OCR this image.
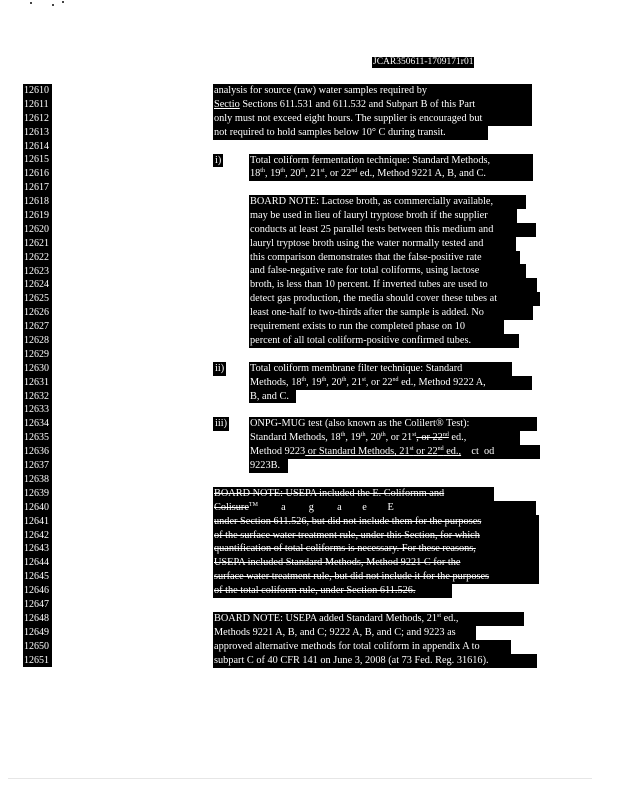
JCAR350611-1709171r01
12610
12611
12612
12613
12614
12615
12616
12617
12618
12619
12620
12621
12622
12623
12624
12625
12626
12627
12628
12629
12630
12631
12632
12633
12634
12635
12636
12637
12638
12639
12640
12641
12642
12643
12644
12645
12646
12647
12648
12649
12650
12651
analysis for source (raw) water samples required by
Sectio Sections 611.531 and 611.532 and Subpart B of this Part
only must not exceed eight hours. The supplier is encouraged but
not required to hold samples below 10° C during transit.
i)	Total coliform fermentation technique: Standard Methods,
18th, 19th, 20th, 21st, or 22nd ed., Method 9221 A, B, and C.
BOARD NOTE: Lactose broth, as commercially available,
may be used in lieu of lauryl tryptose broth if the supplier
conducts at least 25 parallel tests between this medium and
lauryl tryptose broth using the water normally tested and
this comparison demonstrates that the false-positive rate
and false-negative rate for total coliforms, using lactose
broth, is less than 10 percent. If inverted tubes are used to
detect gas production, the media should cover these tubes at
least one-half to two-thirds after the sample is added. No
requirement exists to run the completed phase on 10
percent of all total coliform-positive confirmed tubes.
ii)	Total coliform membrane filter technique: Standard
Methods, 18th, 19th, 20th, 21st, or 22nd ed., Method 9222 A,
B, and C.
iii) ONPG-MUG test (also known as the Colilert® Test):
Standard Methods, 18th, 19th, 20th, or 21st, or 22nd ed.,
Method 9223 or Standard Methods, 21st or 22nd ed.,    ct  od
9223B.
BOARD NOTE: USEPA included the E. Colifornm and
Colisure™         a         g         a        e        E
under Section 611.526, but did not include them for the purposes
of the surface water treatment rule, under this Section, for which
quantification of total coliforms is necessary. For these reasons,
USEPA included Standard Methods, Method 9221 C for the
surface water treatment rule, but did not include it for the purposes
of the total coliform rule, under Section 611.526.
BOARD NOTE: USEPA added Standard Methods, 21st ed.,
Methods 9221 A, B, and C; 9222 A, B, and C; and 9223 as
approved alternative methods for total coliform in appendix A to
subpart C of 40 CFR 141 on June 3, 2008 (at 73 Fed. Reg. 31616).
